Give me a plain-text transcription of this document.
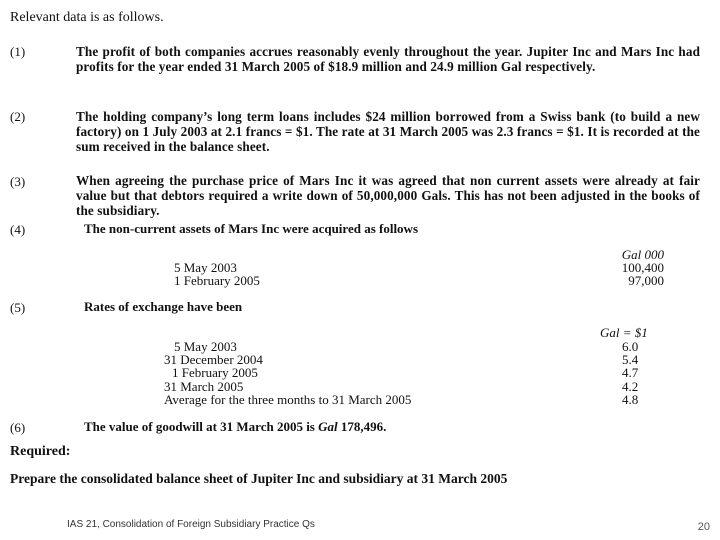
Relevant data is as follows.
(1)	The profit of both companies accrues reasonably evenly throughout the year. Jupiter Inc and Mars Inc had profits for the year ended 31 March 2005 of $18.9 million and 24.9 million Gal respectively.
(2)	The holding company’s long term loans includes $24 million borrowed from a Swiss bank (to build a new factory) on 1 July 2003 at 2.1 francs = $1. The rate at 31 March 2005 was 2.3 francs = $1. It is recorded at the sum received in the balance sheet.
(3)	When agreeing the purchase price of Mars Inc it was agreed that non current assets were already at fair value but that debtors required a write down of 50,000,000 Gals. This has not been adjusted in the books of the subsidiary.
(4)	The non-current assets of Mars Inc were acquired as follows
Gal 000
5 May 2003	100,400
1 February 2005	97,000
(5)	Rates of exchange have been
Gal = $1
5 May 2003	6.0
31 December 2004	5.4
1 February 2005	4.7
31 March 2005	4.2
Average for the three months to 31 March 2005	4.8
(6)	The value of goodwill at 31 March 2005 is Gal 178,496.
Required:
Prepare the consolidated balance sheet of Jupiter Inc and subsidiary at 31 March 2005
IAS 21, Consolidation of Foreign Subsidiary Practice Qs	20
